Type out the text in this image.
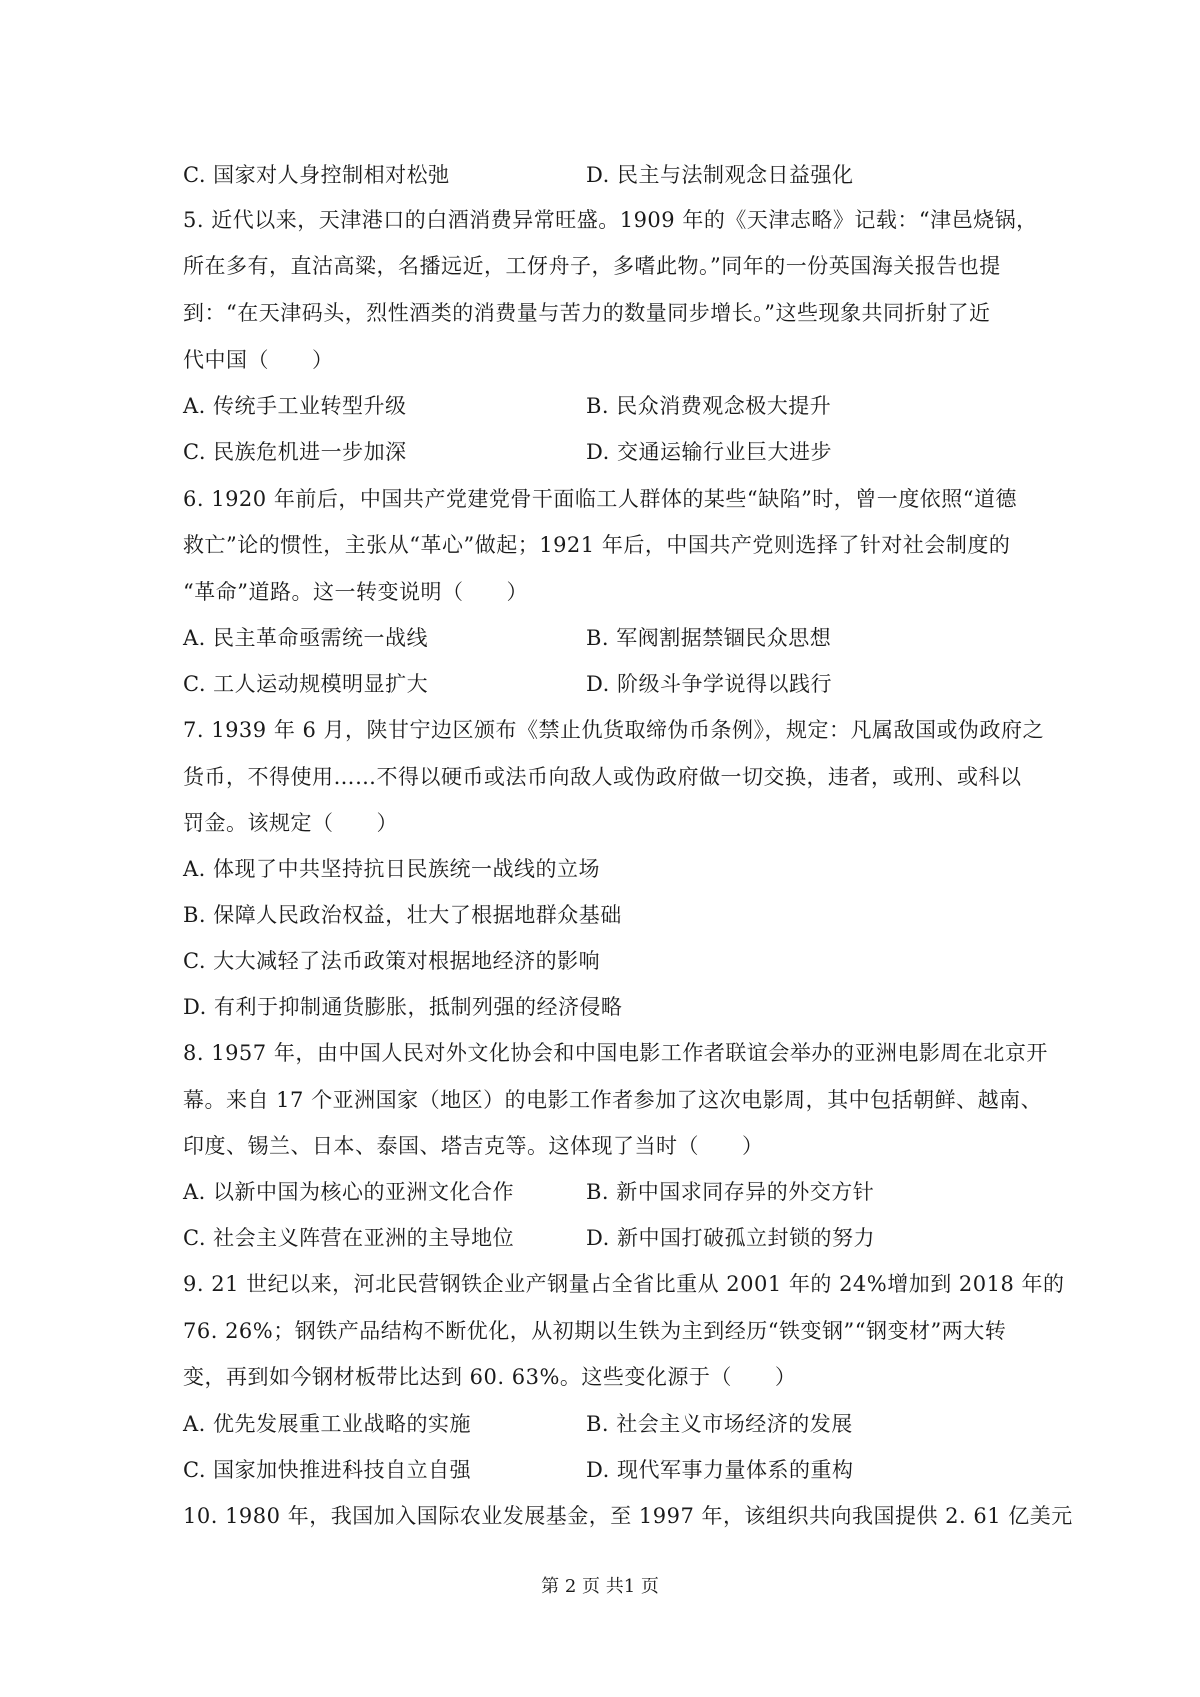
C. 国家对人身控制相对松弛	D. 民主与法制观念日益强化
5. 近代以来，天津港口的白酒消费异常旺盛。1909 年的《天津志略》记载：“津邑烧锅，
所在多有，直沽高粱，名播远近，工伢舟子，多嗜此物。”同年的一份英国海关报告也提
到：“在天津码头，烈性酒类的消费量与苦力的数量同步增长。”这些现象共同折射了近
代中国（　　）
A. 传统手工业转型升级	B. 民众消费观念极大提升
C. 民族危机进一步加深	D. 交通运输行业巨大进步
6. 1920 年前后，中国共产党建党骨干面临工人群体的某些“缺陷”时，曾一度依照“道德
救亡”论的惯性，主张从“革心”做起；1921 年后，中国共产党则选择了针对社会制度的
“革命”道路。这一转变说明（　　）
A. 民主革命亟需统一战线	B. 军阀割据禁锢民众思想
C. 工人运动规模明显扩大	D. 阶级斗争学说得以践行
7. 1939 年 6 月，陕甘宁边区颁布《禁止仇货取缔伪币条例》，规定：凡属敌国或伪政府之
货币，不得使用……不得以硬币或法币向敌人或伪政府做一切交换，违者，或刑、或科以
罚金。该规定（　　）
A. 体现了中共坚持抗日民族统一战线的立场
B. 保障人民政治权益，壮大了根据地群众基础
C. 大大减轻了法币政策对根据地经济的影响
D. 有利于抑制通货膨胀，抵制列强的经济侵略
8. 1957 年，由中国人民对外文化协会和中国电影工作者联谊会举办的亚洲电影周在北京开
幕。来自 17 个亚洲国家（地区）的电影工作者参加了这次电影周，其中包括朝鲜、越南、
印度、锡兰、日本、泰国、塔吉克等。这体现了当时（　　）
A. 以新中国为核心的亚洲文化合作	B. 新中国求同存异的外交方针
C. 社会主义阵营在亚洲的主导地位	D. 新中国打破孤立封锁的努力
9. 21 世纪以来，河北民营钢铁企业产钢量占全省比重从 2001 年的 24%增加到 2018 年的
76. 26%；钢铁产品结构不断优化，从初期以生铁为主到经历“铁变钢”“钢变材”两大转
变，再到如今钢材板带比达到 60. 63%。这些变化源于（　　）
A. 优先发展重工业战略的实施	B. 社会主义市场经济的发展
C. 国家加快推进科技自立自强	D. 现代军事力量体系的重构
10. 1980 年，我国加入国际农业发展基金，至 1997 年，该组织共向我国提供 2. 61 亿美元
第 2 页 共1 页
